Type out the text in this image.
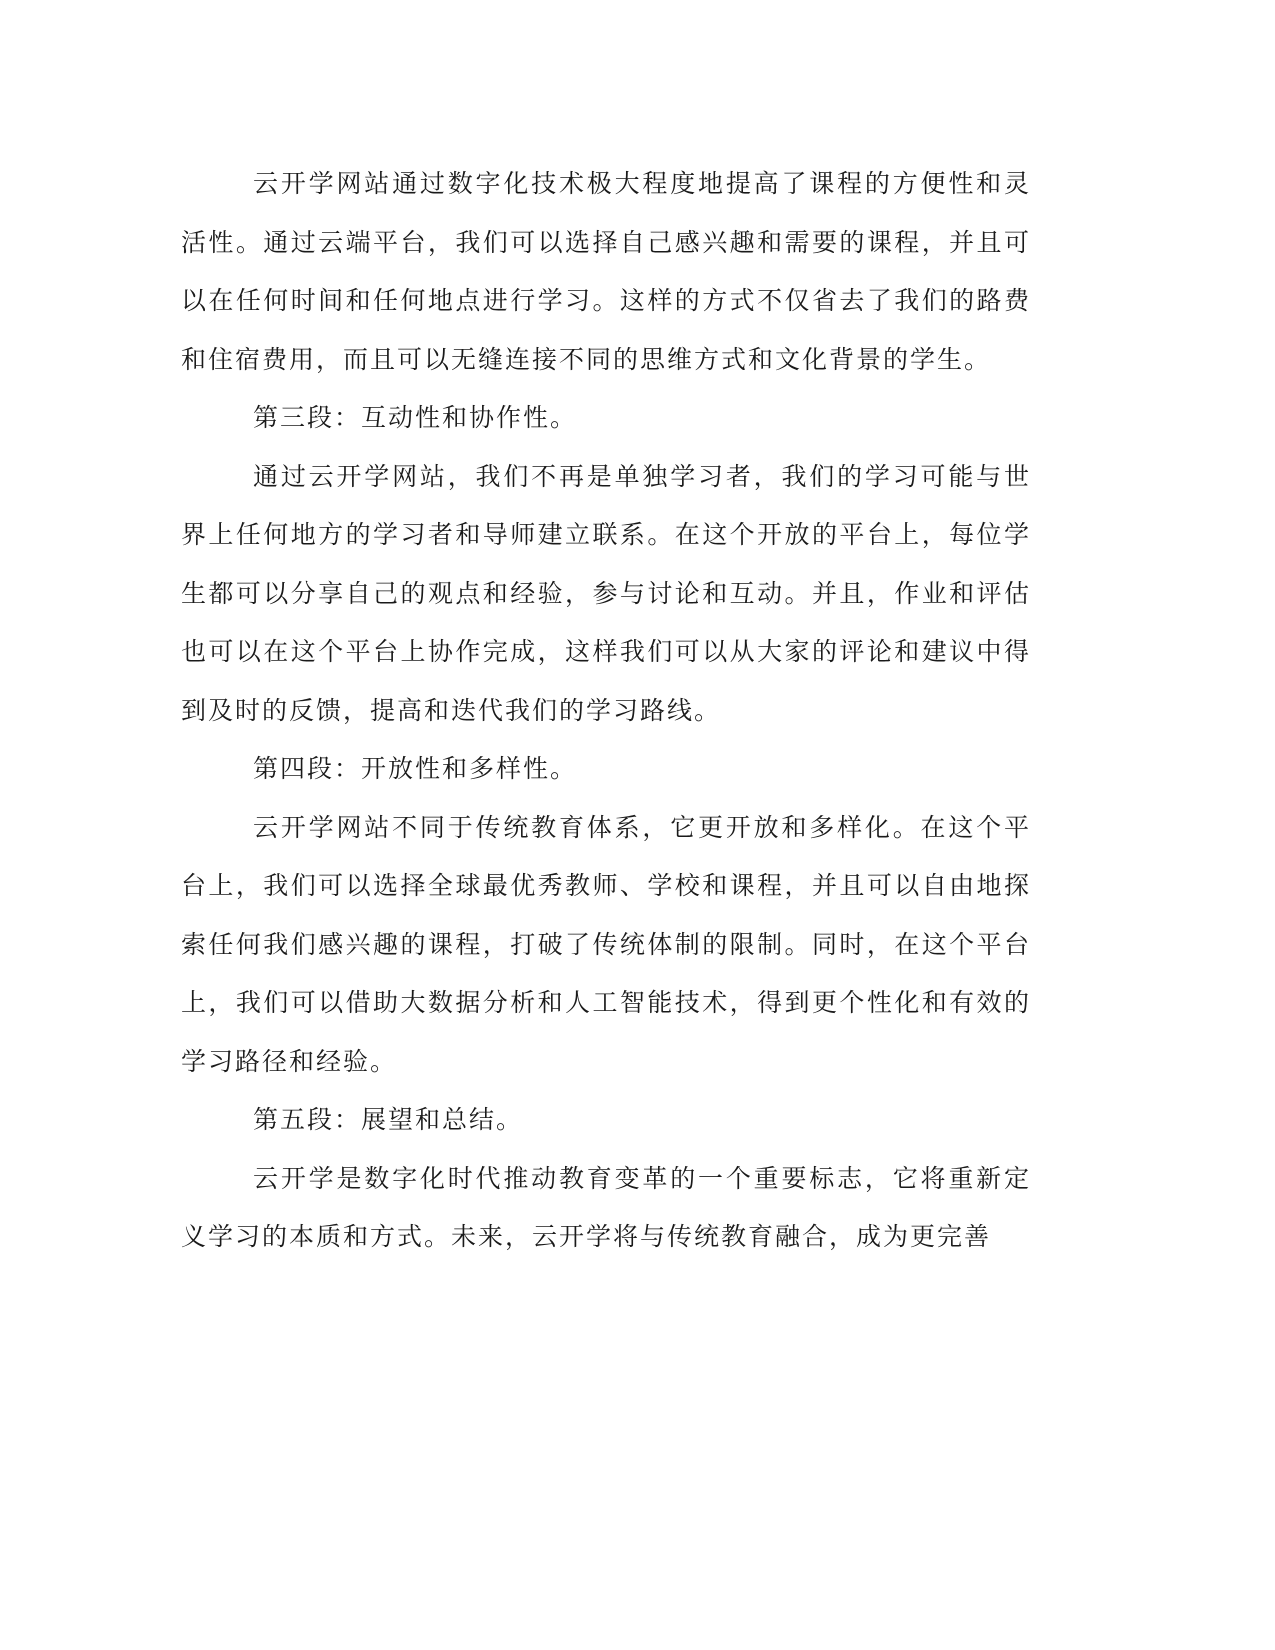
云开学网站通过数字化技术极大程度地提高了课程的方便性和灵活性。通过云端平台，我们可以选择自己感兴趣和需要的课程，并且可以在任何时间和任何地点进行学习。这样的方式不仅省去了我们的路费和住宿费用，而且可以无缝连接不同的思维方式和文化背景的学生。

第三段：互动性和协作性。

通过云开学网站，我们不再是单独学习者，我们的学习可能与世界上任何地方的学习者和导师建立联系。在这个开放的平台上，每位学生都可以分享自己的观点和经验，参与讨论和互动。并且，作业和评估也可以在这个平台上协作完成，这样我们可以从大家的评论和建议中得到及时的反馈，提高和迭代我们的学习路线。

第四段：开放性和多样性。

云开学网站不同于传统教育体系，它更开放和多样化。在这个平台上，我们可以选择全球最优秀教师、学校和课程，并且可以自由地探索任何我们感兴趣的课程，打破了传统体制的限制。同时，在这个平台上，我们可以借助大数据分析和人工智能技术，得到更个性化和有效的学习路径和经验。

第五段：展望和总结。

云开学是数字化时代推动教育变革的一个重要标志，它将重新定义学习的本质和方式。未来，云开学将与传统教育融合，成为更完善
